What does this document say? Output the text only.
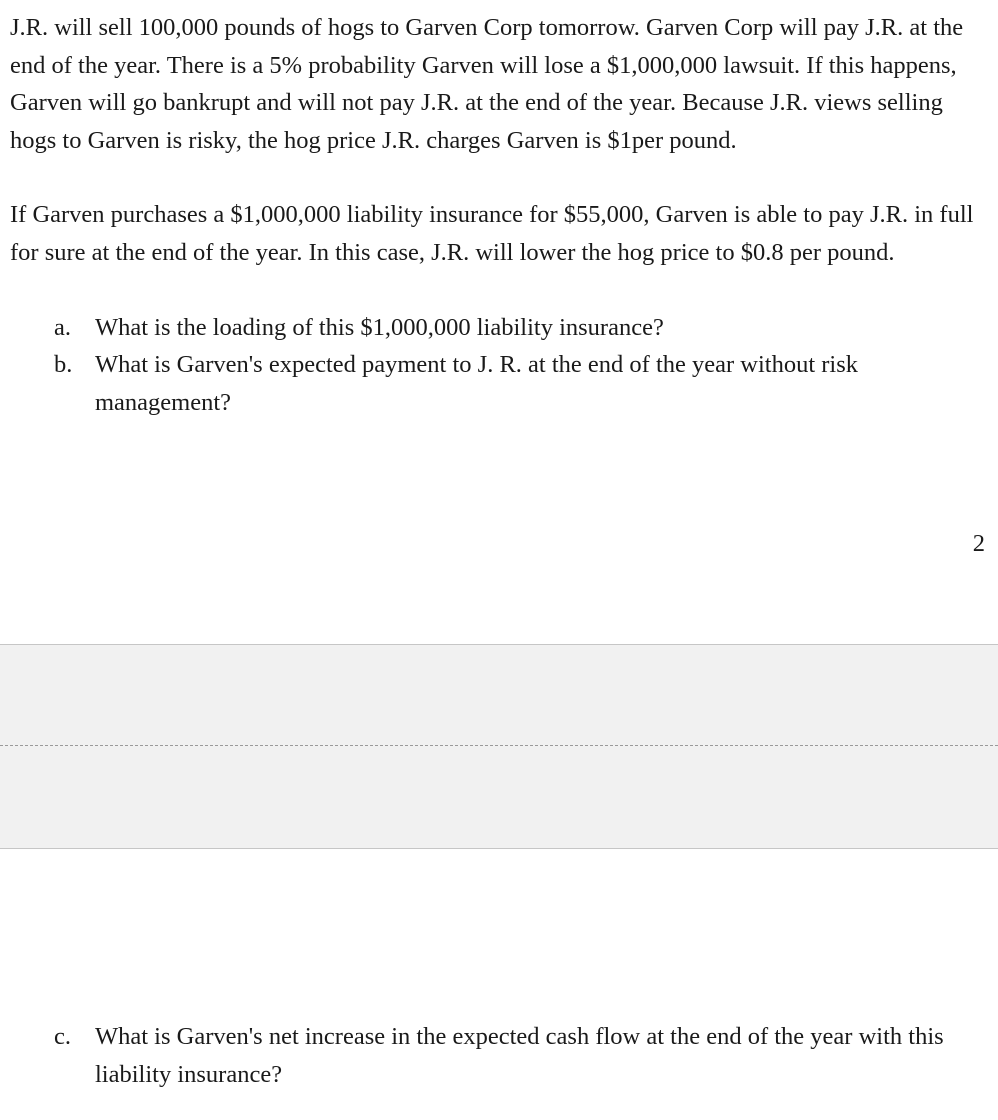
J.R. will sell 100,000 pounds of hogs to Garven Corp tomorrow. Garven Corp will pay J.R. at the end of the year. There is a 5% probability Garven will lose a $1,000,000 lawsuit. If this happens, Garven will go bankrupt and will not pay J.R. at the end of the year. Because J.R. views selling hogs to Garven is risky, the hog price J.R. charges Garven is $1per pound.

If Garven purchases a $1,000,000 liability insurance for $55,000, Garven is able to pay J.R. in full for sure at the end of the year. In this case, J.R. will lower the hog price to $0.8 per pound.

a. What is the loading of this $1,000,000 liability insurance?
b. What is Garven's expected payment to J. R. at the end of the year without risk management?
2
c. What is Garven's net increase in the expected cash flow at the end of the year with this liability insurance?
